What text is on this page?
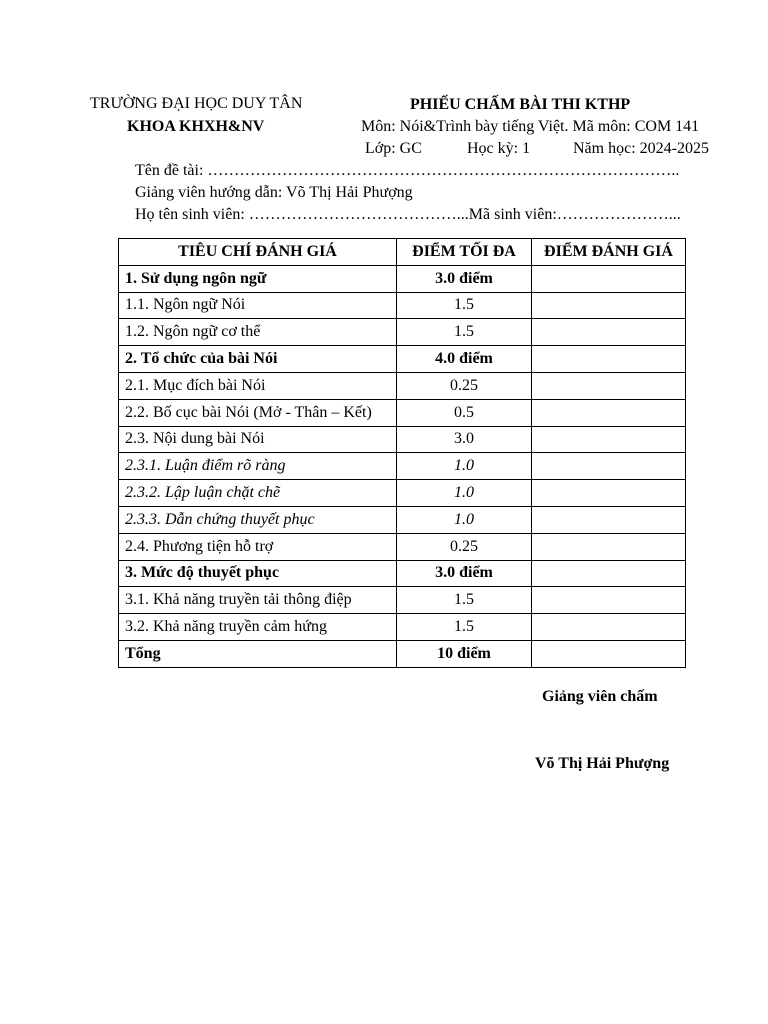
TRƯỜNG ĐẠI HỌC DUY TÂN
KHOA KHXH&NV
PHIẾU CHẤM BÀI THI KTHP
Môn: Nói&Trình bày tiếng Việt. Mã môn: COM 141
Lớp: GC	Học kỳ: 1	Năm học: 2024-2025
Tên đề tài: ……………………………………………………………………………..
Giảng viên hướng dẫn: Võ Thị Hải Phượng
Họ tên sinh viên: …………………………………...Mã sinh viên:…………………...
TIÊU CHÍ ĐÁNH GIÁ	ĐIỂM TỐI ĐA	ĐIỂM ĐÁNH GIÁ
1. Sử dụng ngôn ngữ	3.0 điểm	
1.1. Ngôn ngữ Nói	1.5	
1.2. Ngôn ngữ cơ thể	1.5	
2. Tổ chức của bài Nói	4.0 điểm	
2.1. Mục đích bài Nói	0.25	
2.2. Bố cục bài Nói (Mở - Thân – Kết)	0.5	
2.3. Nội dung bài Nói	3.0	
2.3.1. Luận điểm rõ ràng	1.0	
2.3.2. Lập luận chặt chẽ	1.0	
2.3.3. Dẫn chứng thuyết phục	1.0	
2.4. Phương tiện hỗ trợ	0.25	
3. Mức độ thuyết phục	3.0 điểm	
3.1. Khả năng truyền tải thông điệp	1.5	
3.2. Khả năng truyền cảm hứng	1.5	
Tổng	10 điểm	
Giảng viên chấm
Võ Thị Hải Phượng
